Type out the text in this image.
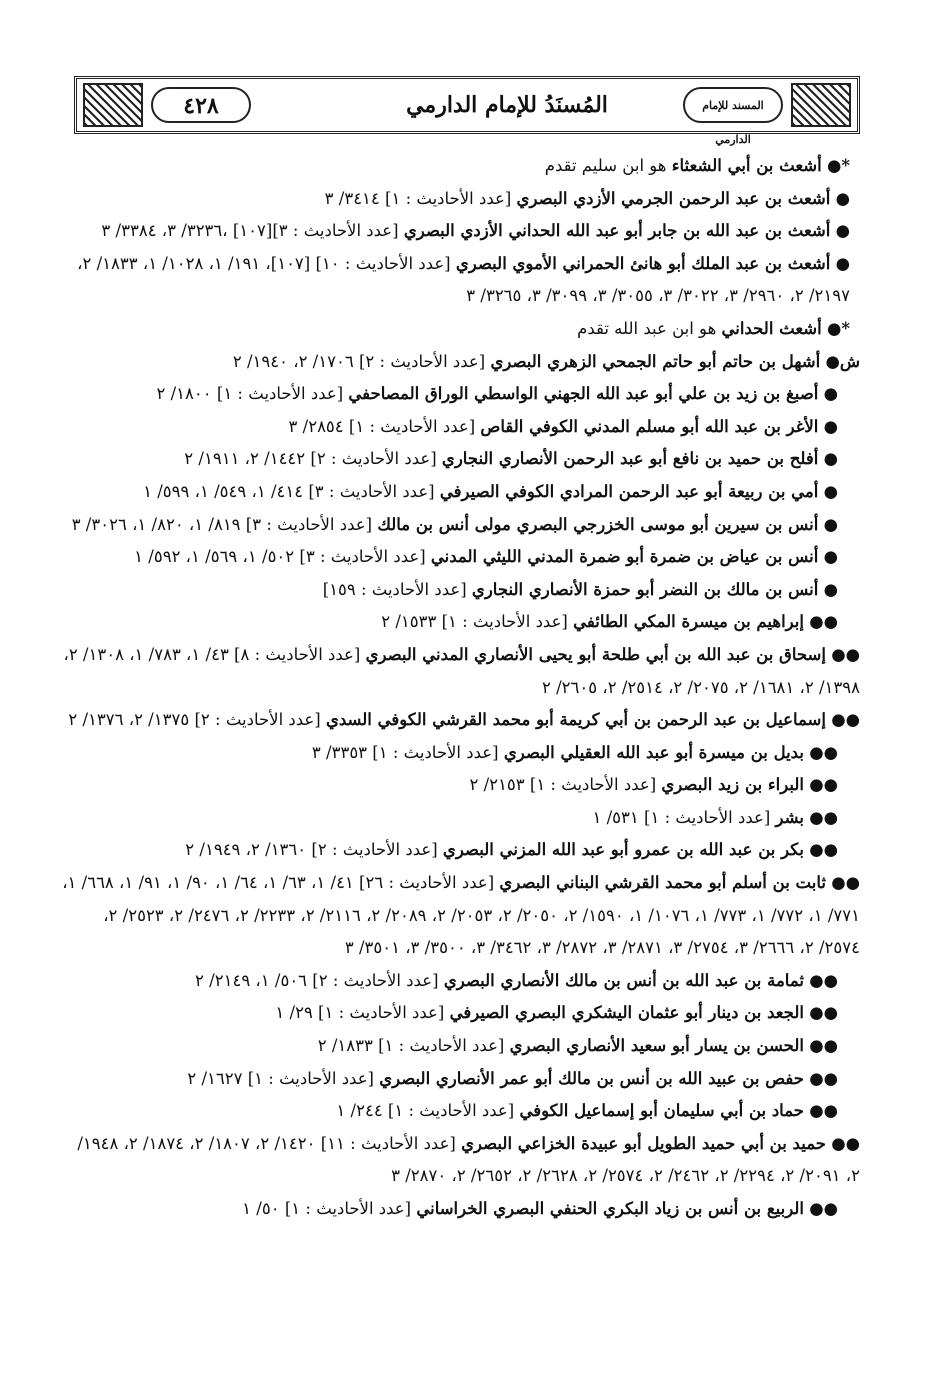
٤٢٨	المُسنَدُ للإمام الدارمي	المسند للإمام الدارمي

*● أشعث بن أبي الشعثاء هو ابن سليم تقدم

● أشعث بن عبد الرحمن الجرمي الأزدي البصري [عدد الأحاديث : ١] ٣٤١٤/ ٣

● أشعث بن عبد الله بن جابر أبو عبد الله الحداني الأزدي البصري [عدد الأحاديث : ٣][١٠٧] ،٣٢٣٦/ ٣، ٣٣٨٤/ ٣

● أشعث بن عبد الملك أبو هانئ الحمراني الأموي البصري [عدد الأحاديث : ١٠] [١٠٧]، ١٩١/ ١، ١٠٢٨/ ١، ١٨٣٣/ ٢، ٢١٩٧/ ٢، ٢٩٦٠/ ٣، ٣٠٢٢/ ٣، ٣٠٥٥/ ٣، ٣٠٩٩/ ٣، ٣٢٦٥/ ٣

*● أشعث الحداني هو ابن عبد الله تقدم

ش● أشهل بن حاتم أبو حاتم الجمحي الزهري البصري [عدد الأحاديث : ٢] ١٧٠٦/ ٢، ١٩٤٠/ ٢

● أصبغ بن زيد بن علي أبو عبد الله الجهني الواسطي الوراق المصاحفي [عدد الأحاديث : ١] ١٨٠٠/ ٢

● الأغر بن عبد الله أبو مسلم المدني الكوفي القاص [عدد الأحاديث : ١] ٢٨٥٤/ ٣

● أفلح بن حميد بن نافع أبو عبد الرحمن الأنصاري النجاري [عدد الأحاديث : ٢] ١٤٤٢/ ٢، ١٩١١/ ٢

● أمي بن ربيعة أبو عبد الرحمن المرادي الكوفي الصيرفي [عدد الأحاديث : ٣] ٤١٤/ ١، ٥٤٩/ ١، ٥٩٩/ ١

● أنس بن سيرين أبو موسى الخزرجي البصري مولى أنس بن مالك [عدد الأحاديث : ٣] ٨١٩/ ١، ٨٢٠/ ١، ٣٠٢٦/ ٣

● أنس بن عياض بن ضمرة أبو ضمرة المدني الليثي المدني [عدد الأحاديث : ٣] ٥٠٢/ ١، ٥٦٩/ ١، ٥٩٢/ ١

● أنس بن مالك بن النضر أبو حمزة الأنصاري النجاري [عدد الأحاديث : ١٥٩]

●● إبراهيم بن ميسرة المكي الطائفي [عدد الأحاديث : ١] ١٥٣٣/ ٢

●● إسحاق بن عبد الله بن أبي طلحة أبو يحيى الأنصاري المدني البصري [عدد الأحاديث : ٨] ٤٣/ ١، ٧٨٣/ ١، ١٣٠٨/ ٢، ١٣٩٨/ ٢، ١٦٨١/ ٢، ٢٠٧٥/ ٢، ٢٥١٤/ ٢، ٢٦٠٥/ ٢

●● إسماعيل بن عبد الرحمن بن أبي كريمة أبو محمد القرشي الكوفي السدي [عدد الأحاديث : ٢] ١٣٧٥/ ٢، ١٣٧٦/ ٢

●● بديل بن ميسرة أبو عبد الله العقيلي البصري [عدد الأحاديث : ١] ٣٣٥٣/ ٣

●● البراء بن زيد البصري [عدد الأحاديث : ١] ٢١٥٣/ ٢

●● بشر [عدد الأحاديث : ١] ٥٣١/ ١

●● بكر بن عبد الله بن عمرو أبو عبد الله المزني البصري [عدد الأحاديث : ٢] ١٣٦٠/ ٢، ١٩٤٩/ ٢

●● ثابت بن أسلم أبو محمد القرشي البناني البصري [عدد الأحاديث : ٢٦] ٤١/ ١، ٦٣/ ١، ٦٤/ ١، ٩٠/ ١، ٩١/ ١، ٦٦٨/ ١، ٧٧١/ ١، ٧٧٢/ ١، ٧٧٣/ ١، ١٠٧٦/ ١، ١٥٩٠/ ٢، ٢٠٥٠/ ٢، ٢٠٥٣/ ٢، ٢٠٨٩/ ٢، ٢١١٦/ ٢، ٢٢٣٣/ ٢، ٢٤٧٦/ ٢، ٢٥٢٣/ ٢، ٢٥٧٤/ ٢، ٢٦٦٦/ ٣، ٢٧٥٤/ ٣، ٢٨٧١/ ٣، ٢٨٧٢/ ٣، ٣٤٦٢/ ٣، ٣٥٠٠/ ٣، ٣٥٠١/ ٣

●● ثمامة بن عبد الله بن أنس بن مالك الأنصاري البصري [عدد الأحاديث : ٢] ٥٠٦/ ١، ٢١٤٩/ ٢

●● الجعد بن دينار أبو عثمان اليشكري البصري الصيرفي [عدد الأحاديث : ١] ٢٩/ ١

●● الحسن بن يسار أبو سعيد الأنصاري البصري [عدد الأحاديث : ١] ١٨٣٣/ ٢

●● حفص بن عبيد الله بن أنس بن مالك أبو عمر الأنصاري البصري [عدد الأحاديث : ١] ١٦٢٧/ ٢

●● حماد بن أبي سليمان أبو إسماعيل الكوفي [عدد الأحاديث : ١] ٢٤٤/ ١

●● حميد بن أبي حميد الطويل أبو عبيدة الخزاعي البصري [عدد الأحاديث : ١١] ١٤٢٠/ ٢، ١٨٠٧/ ٢، ١٨٧٤/ ٢، ١٩٤٨/ ٢، ٢٠٩١/ ٢، ٢٢٩٤/ ٢، ٢٤٦٢/ ٢، ٢٥٧٤/ ٢، ٢٦٢٨/ ٢، ٢٦٥٢/ ٢، ٢٨٧٠/ ٣

●● الربيع بن أنس بن زياد البكري الحنفي البصري الخراساني [عدد الأحاديث : ١] ٥٠/ ١
